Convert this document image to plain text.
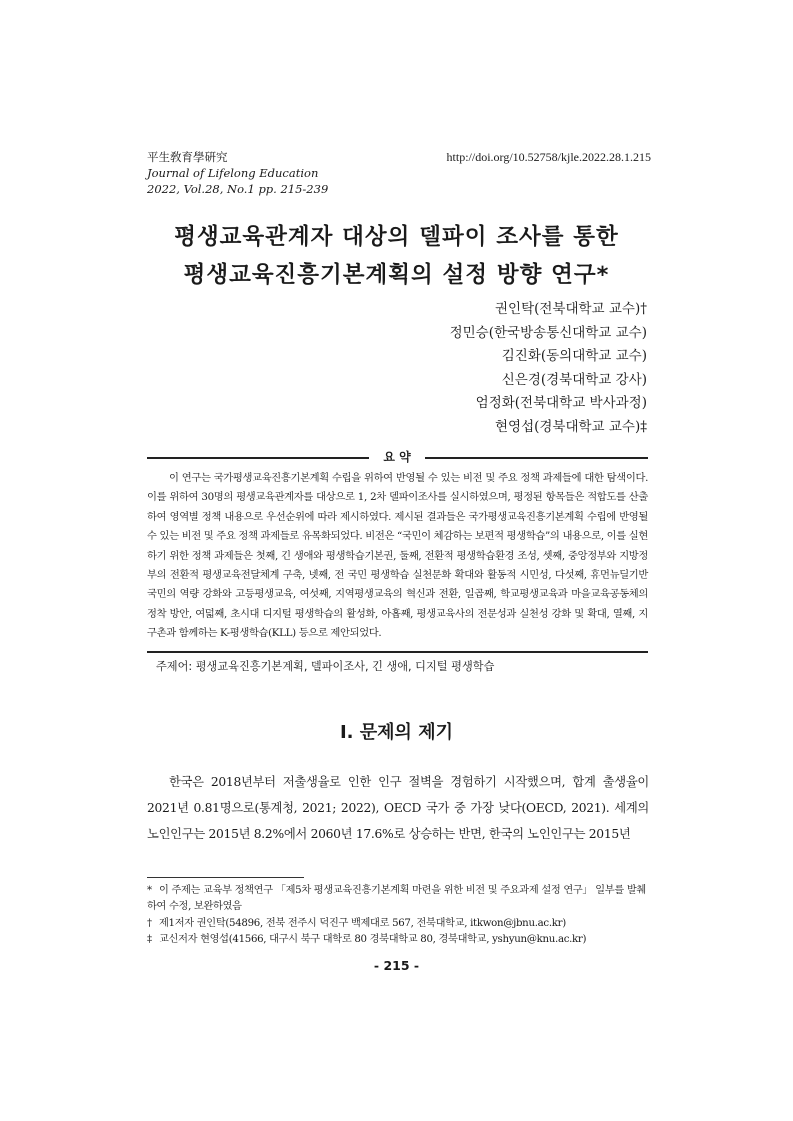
平生敎育學硏究
Journal of Lifelong Education
2022, Vol.28, No.1 pp. 215-239
http://doi.org/10.52758/kjle.2022.28.1.215
평생교육관계자 대상의 델파이 조사를 통한
평생교육진흥기본계획의 설정 방향 연구*
권인탁(전북대학교 교수)†
정민승(한국방송통신대학교 교수)
김진화(동의대학교 교수)
신은경(경북대학교 강사)
엄정화(전북대학교 박사과정)
현영섭(경북대학교 교수)‡
요 약
이 연구는 국가평생교육진흥기본계획 수립을 위하여 반영될 수 있는 비전 및 주요 정책 과제들에 대한 탐색이다. 이를 위하여 30명의 평생교육관계자를 대상으로 1, 2차 델파이조사를 실시하였으며, 평정된 항목들은 적합도를 산출하여 영역별 정책 내용으로 우선순위에 따라 제시하였다. 제시된 결과들은 국가평생교육진흥기본계획 수립에 반영될 수 있는 비전 및 주요 정책 과제들로 유목화되었다. 비전은 “국민이 체감하는 보편적 평생학습”의 내용으로, 이를 실현하기 위한 정책 과제들은 첫째, 긴 생애와 평생학습기본권, 둘째, 전환적 평생학습환경 조성, 셋째, 중앙정부와 지방정부의 전환적 평생교육전달체계 구축, 넷째, 전 국민 평생학습 실천문화 확대와 활동적 시민성, 다섯째, 휴먼뉴딜기반 국민의 역량 강화와 고등평생교육, 여섯째, 지역평생교육의 혁신과 전환, 일곱째, 학교평생교육과 마을교육공동체의 정착 방안, 여덟째, 초시대 디지털 평생학습의 활성화, 아홉째, 평생교육사의 전문성과 실천성 강화 및 확대, 열째, 지구촌과 함께하는 K-평생학습(KLL) 등으로 제안되었다.
주제어: 평생교육진흥기본계획, 델파이조사, 긴 생애, 디지털 평생학습
I. 문제의 제기
한국은 2018년부터 저출생율로 인한 인구 절벽을 경험하기 시작했으며, 합계 출생율이 2021년 0.81명으로(통계청, 2021; 2022), OECD 국가 중 가장 낮다(OECD, 2021). 세계의 노인인구는 2015년 8.2%에서 2060년 17.6%로 상승하는 반면, 한국의 노인인구는 2015년
* 이 주제는 교육부 정책연구 「제5차 평생교육진흥기본계획 마련을 위한 비전 및 주요과제 설정 연구」 일부를 발췌하여 수정, 보완하였음
† 제1저자 권인탁(54896, 전북 전주시 덕진구 백제대로 567, 전북대학교, itkwon@jbnu.ac.kr)
‡ 교신저자 현영섭(41566, 대구시 북구 대학로 80 경북대학교 80, 경북대학교, yshyun@knu.ac.kr)
- 215 -
